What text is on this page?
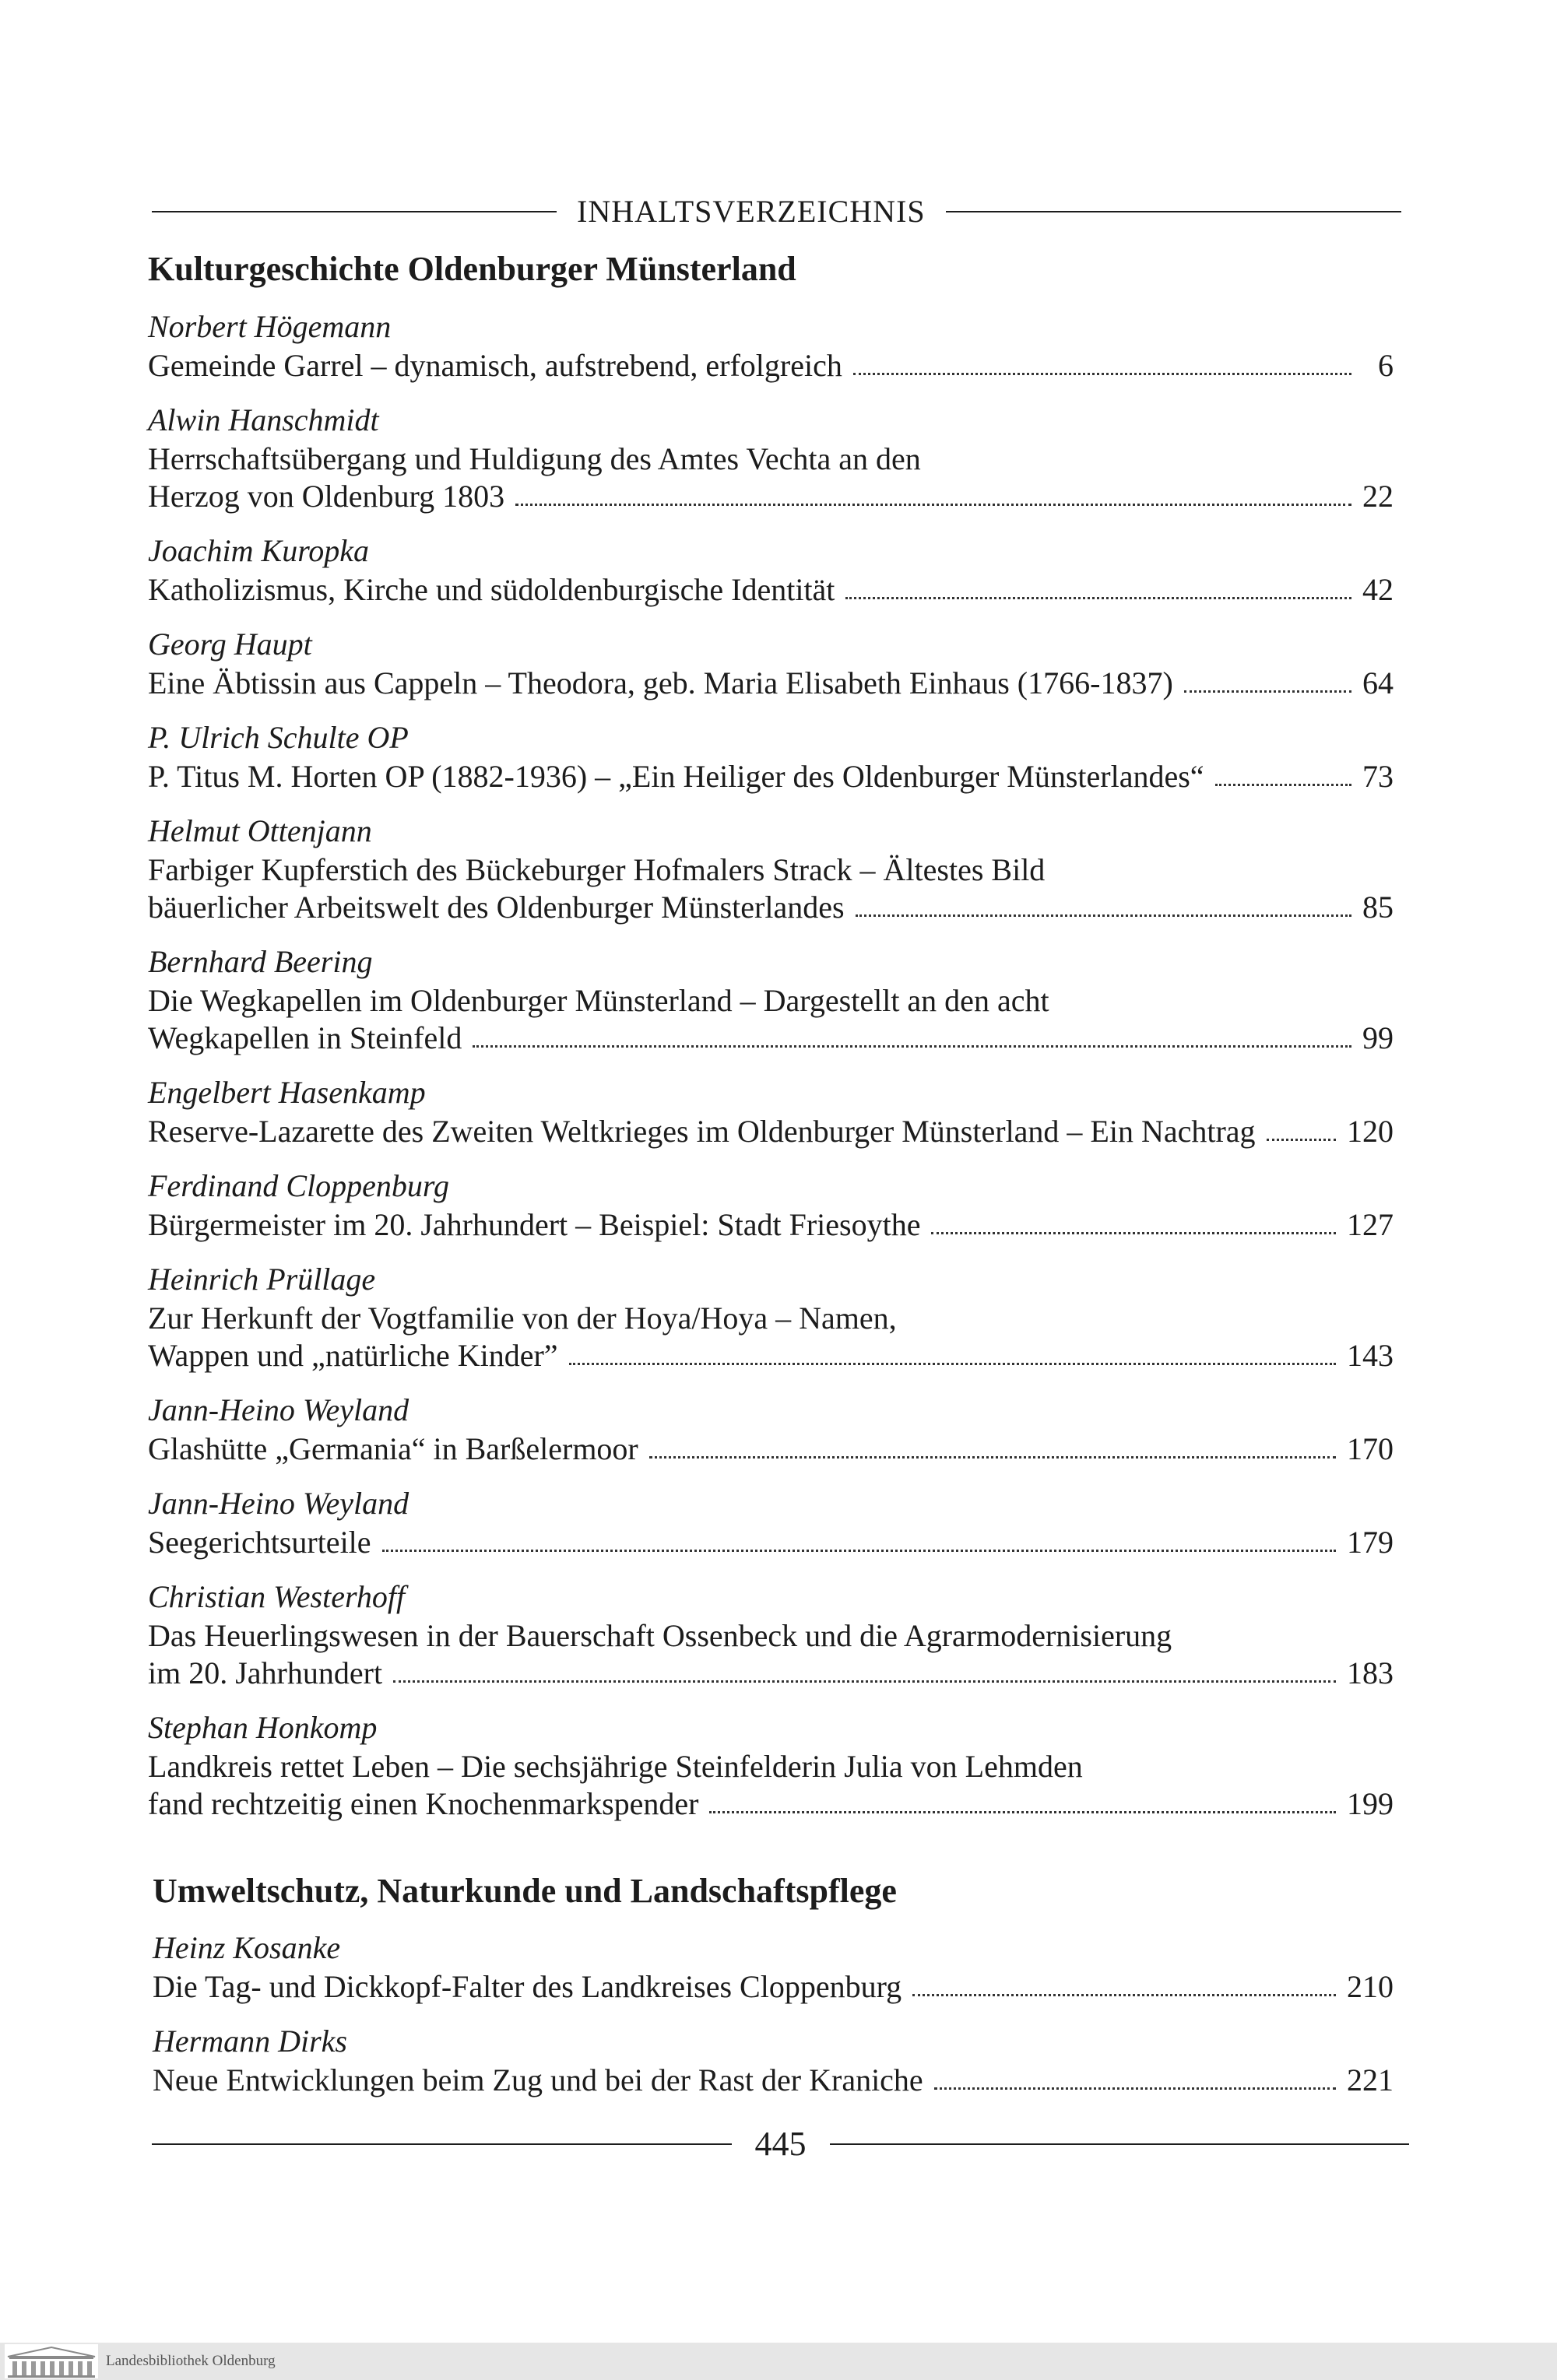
INHALTSVERZEICHNIS
Kulturgeschichte Oldenburger Münsterland
Norbert Högemann
Gemeinde Garrel – dynamisch, aufstrebend, erfolgreich	6
Alwin Hanschmidt
Herrschaftsübergang und Huldigung des Amtes Vechta an den
Herzog von Oldenburg 1803	22
Joachim Kuropka
Katholizismus, Kirche und südoldenburgische Identität	42
Georg Haupt
Eine Äbtissin aus Cappeln – Theodora, geb. Maria Elisabeth Einhaus (1766-1837)	64
P. Ulrich Schulte OP
P. Titus M. Horten OP (1882-1936) – „Ein Heiliger des Oldenburger Münsterlandes“	73
Helmut Ottenjann
Farbiger Kupferstich des Bückeburger Hofmalers Strack – Ältestes Bild
bäuerlicher Arbeitswelt des Oldenburger Münsterlandes	85
Bernhard Beering
Die Wegkapellen im Oldenburger Münsterland – Dargestellt an den acht
Wegkapellen in Steinfeld	99
Engelbert Hasenkamp
Reserve-Lazarette des Zweiten Weltkrieges im Oldenburger Münsterland – Ein Nachtrag	120
Ferdinand Cloppenburg
Bürgermeister im 20. Jahrhundert – Beispiel: Stadt Friesoythe	127
Heinrich Prüllage
Zur Herkunft der Vogtfamilie von der Hoya/Hoya – Namen,
Wappen und „natürliche Kinder”	143
Jann-Heino Weyland
Glashütte „Germania“ in Barßelermoor	170
Jann-Heino Weyland
Seegerichtsurteile	179
Christian Westerhoff
Das Heuerlingswesen in der Bauerschaft Ossenbeck und die Agrarmodernisierung
im 20. Jahrhundert	183
Stephan Honkomp
Landkreis rettet Leben – Die sechsjährige Steinfelderin Julia von Lehmden
fand rechtzeitig einen Knochenmarkspender	199
Umweltschutz, Naturkunde und Landschaftspflege
Heinz Kosanke
Die Tag- und Dickkopf-Falter des Landkreises Cloppenburg	210
Hermann Dirks
Neue Entwicklungen beim Zug und bei der Rast der Kraniche	221
445
Landesbibliothek Oldenburg
